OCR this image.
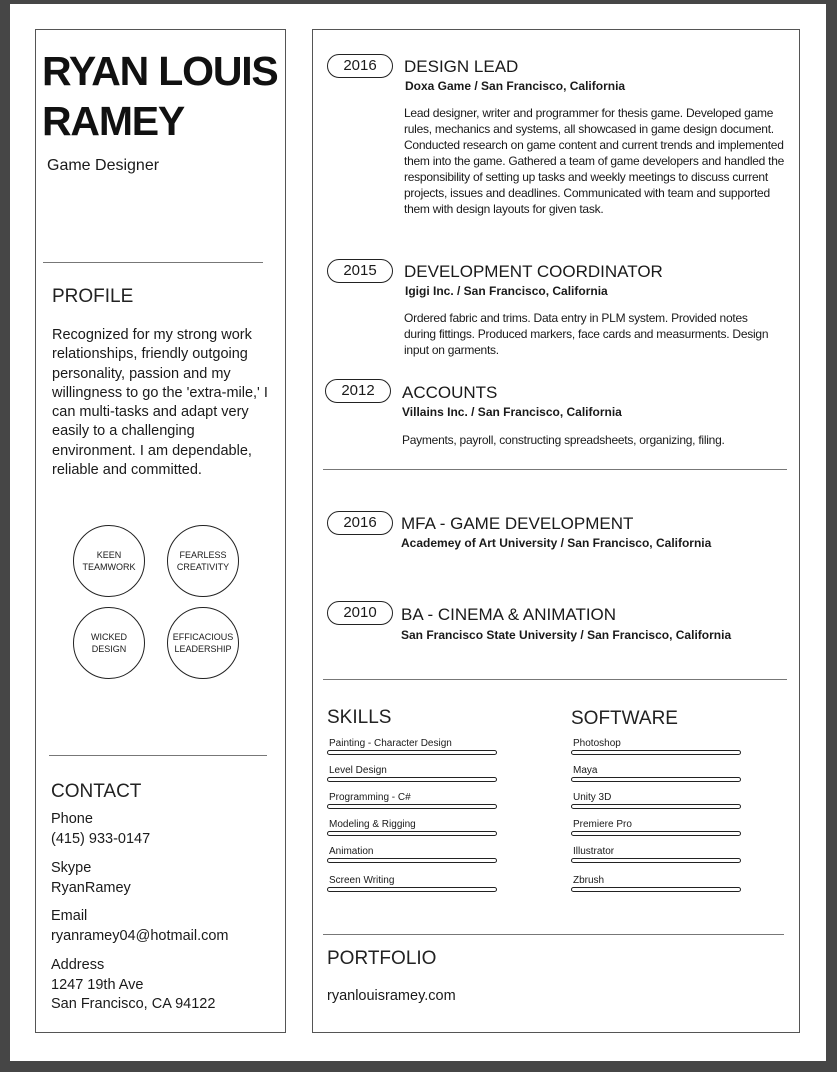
RYAN LOUIS
RAMEY
Game Designer
PROFILE
Recognized for my strong work relationships, friendly outgoing personality, passion and my willingness to go the 'extra-mile,' I can multi-tasks and adapt very easily to a challenging environment. I am dependable, reliable and committed.
KEEN
TEAMWORK
FEARLESS
CREATIVITY
WICKED
DESIGN
EFFICACIOUS
LEADERSHIP
CONTACT
Phone
(415) 933-0147
Skype
RyanRamey
Email
ryanramey04@hotmail.com
Address
1247 19th Ave
San Francisco, CA 94122
2016	DESIGN LEAD
Doxa Game / San Francisco, California
Lead designer, writer and programmer for thesis game. Developed game rules, mechanics and systems, all showcased in game design document. Conducted research on game content and current trends and implemented them into the game. Gathered a team of game developers and handled the responsibility of setting up tasks and weekly meetings to discuss current projects, issues and deadlines. Communicated with team and supported them with design layouts for given task.
2015	DEVELOPMENT COORDINATOR
Igigi Inc. / San Francisco, California
Ordered fabric and trims. Data entry in PLM system. Provided notes during fittings. Produced markers, face cards and measurments. Design input on garments.
2012	ACCOUNTS
Villains Inc. / San Francisco, California
Payments, payroll, constructing spreadsheets, organizing, filing.
2016	MFA - GAME DEVELOPMENT
Academey of Art University / San Francisco, California
2010	BA - CINEMA & ANIMATION
San Francisco State University / San Francisco, California
SKILLS	SOFTWARE
Painting - Character Design
Level Design
Programming - C#
Modeling & Rigging
Animation
Screen Writing
Photoshop
Maya
Unity 3D
Premiere Pro
Illustrator
Zbrush
PORTFOLIO
ryanlouisramey.com
